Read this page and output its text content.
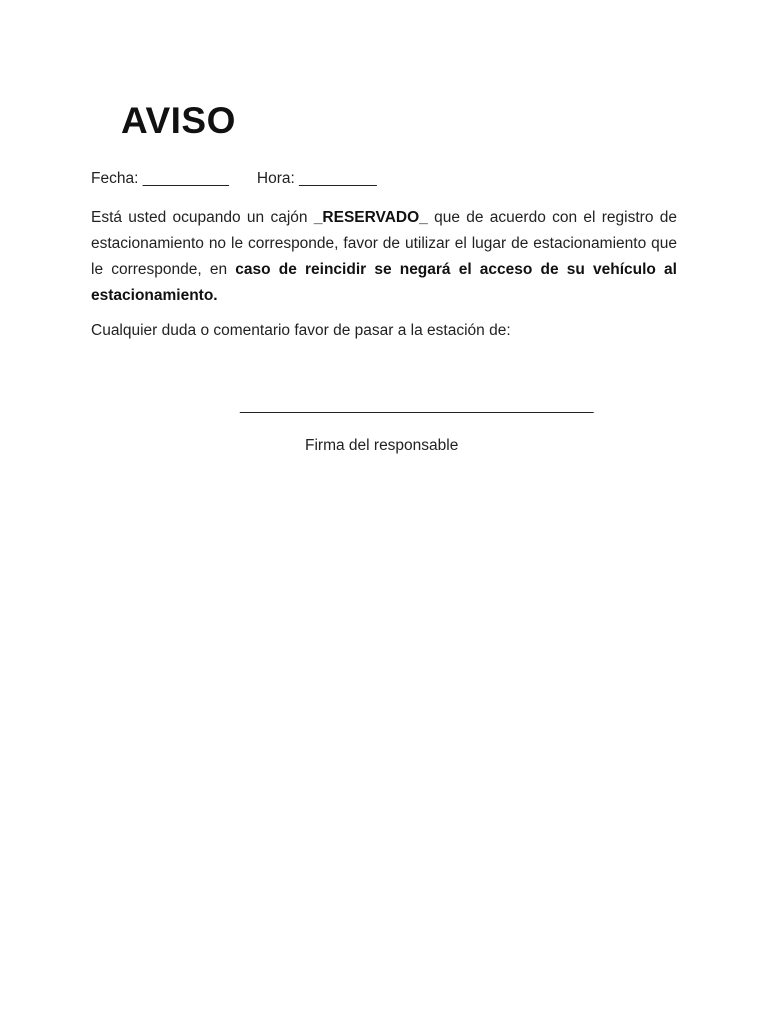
AVISO
Fecha: __________ Hora: _________

Está usted ocupando un cajón _RESERVADO_ que de acuerdo con el registro de estacionamiento no le corresponde, favor de utilizar el lugar de estacionamiento que le corresponde, en caso de reincidir se negará el acceso de su vehículo al estacionamiento.

Cualquier duda o comentario favor de pasar a la estación de:

_________________________________________
Firma del responsable
